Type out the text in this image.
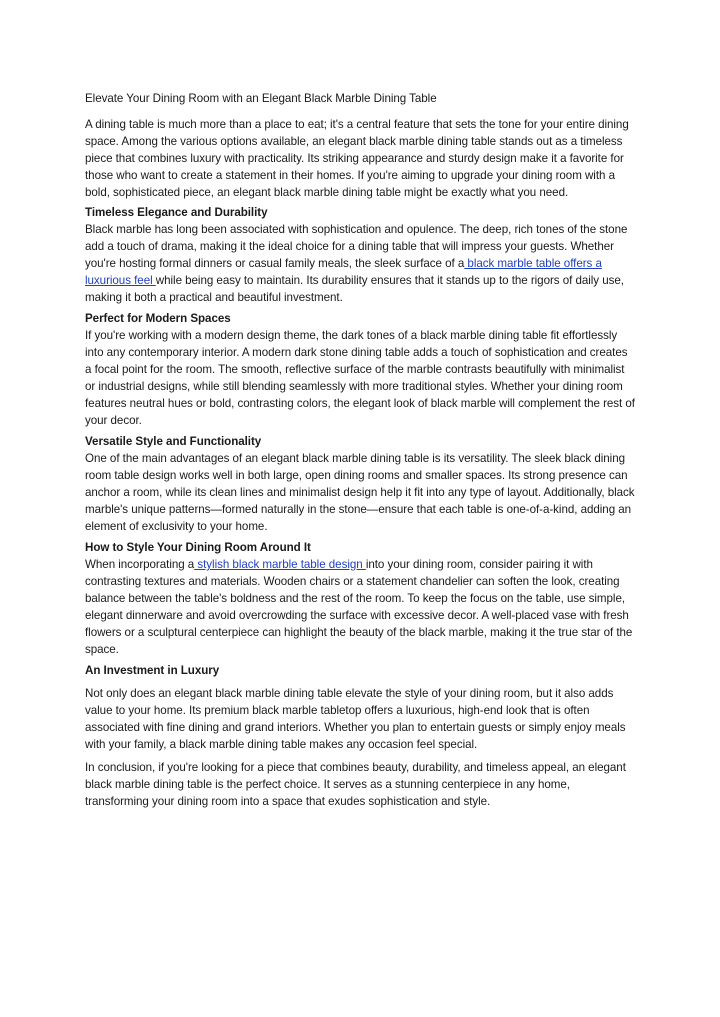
Elevate Your Dining Room with an Elegant Black Marble Dining Table

A dining table is much more than a place to eat; it's a central feature that sets the tone for your entire dining space. Among the various options available, an elegant black marble dining table stands out as a timeless piece that combines luxury with practicality. Its striking appearance and sturdy design make it a favorite for those who want to create a statement in their homes. If you're aiming to upgrade your dining room with a bold, sophisticated piece, an elegant black marble dining table might be exactly what you need.

Timeless Elegance and Durability

Black marble has long been associated with sophistication and opulence. The deep, rich tones of the stone add a touch of drama, making it the ideal choice for a dining table that will impress your guests. Whether you're hosting formal dinners or casual family meals, the sleek surface of a black marble table offers a luxurious feel while being easy to maintain. Its durability ensures that it stands up to the rigors of daily use, making it both a practical and beautiful investment.

Perfect for Modern Spaces

If you're working with a modern design theme, the dark tones of a black marble dining table fit effortlessly into any contemporary interior. A modern dark stone dining table adds a touch of sophistication and creates a focal point for the room. The smooth, reflective surface of the marble contrasts beautifully with minimalist or industrial designs, while still blending seamlessly with more traditional styles. Whether your dining room features neutral hues or bold, contrasting colors, the elegant look of black marble will complement the rest of your decor.

Versatile Style and Functionality

One of the main advantages of an elegant black marble dining table is its versatility. The sleek black dining room table design works well in both large, open dining rooms and smaller spaces. Its strong presence can anchor a room, while its clean lines and minimalist design help it fit into any type of layout. Additionally, black marble's unique patterns—formed naturally in the stone—ensure that each table is one-of-a-kind, adding an element of exclusivity to your home.

How to Style Your Dining Room Around It

When incorporating a stylish black marble table design into your dining room, consider pairing it with contrasting textures and materials. Wooden chairs or a statement chandelier can soften the look, creating balance between the table's boldness and the rest of the room. To keep the focus on the table, use simple, elegant dinnerware and avoid overcrowding the surface with excessive decor. A well-placed vase with fresh flowers or a sculptural centerpiece can highlight the beauty of the black marble, making it the true star of the space.

An Investment in Luxury

Not only does an elegant black marble dining table elevate the style of your dining room, but it also adds value to your home. Its premium black marble tabletop offers a luxurious, high-end look that is often associated with fine dining and grand interiors. Whether you plan to entertain guests or simply enjoy meals with your family, a black marble dining table makes any occasion feel special.

In conclusion, if you're looking for a piece that combines beauty, durability, and timeless appeal, an elegant black marble dining table is the perfect choice. It serves as a stunning centerpiece in any home, transforming your dining room into a space that exudes sophistication and style.
